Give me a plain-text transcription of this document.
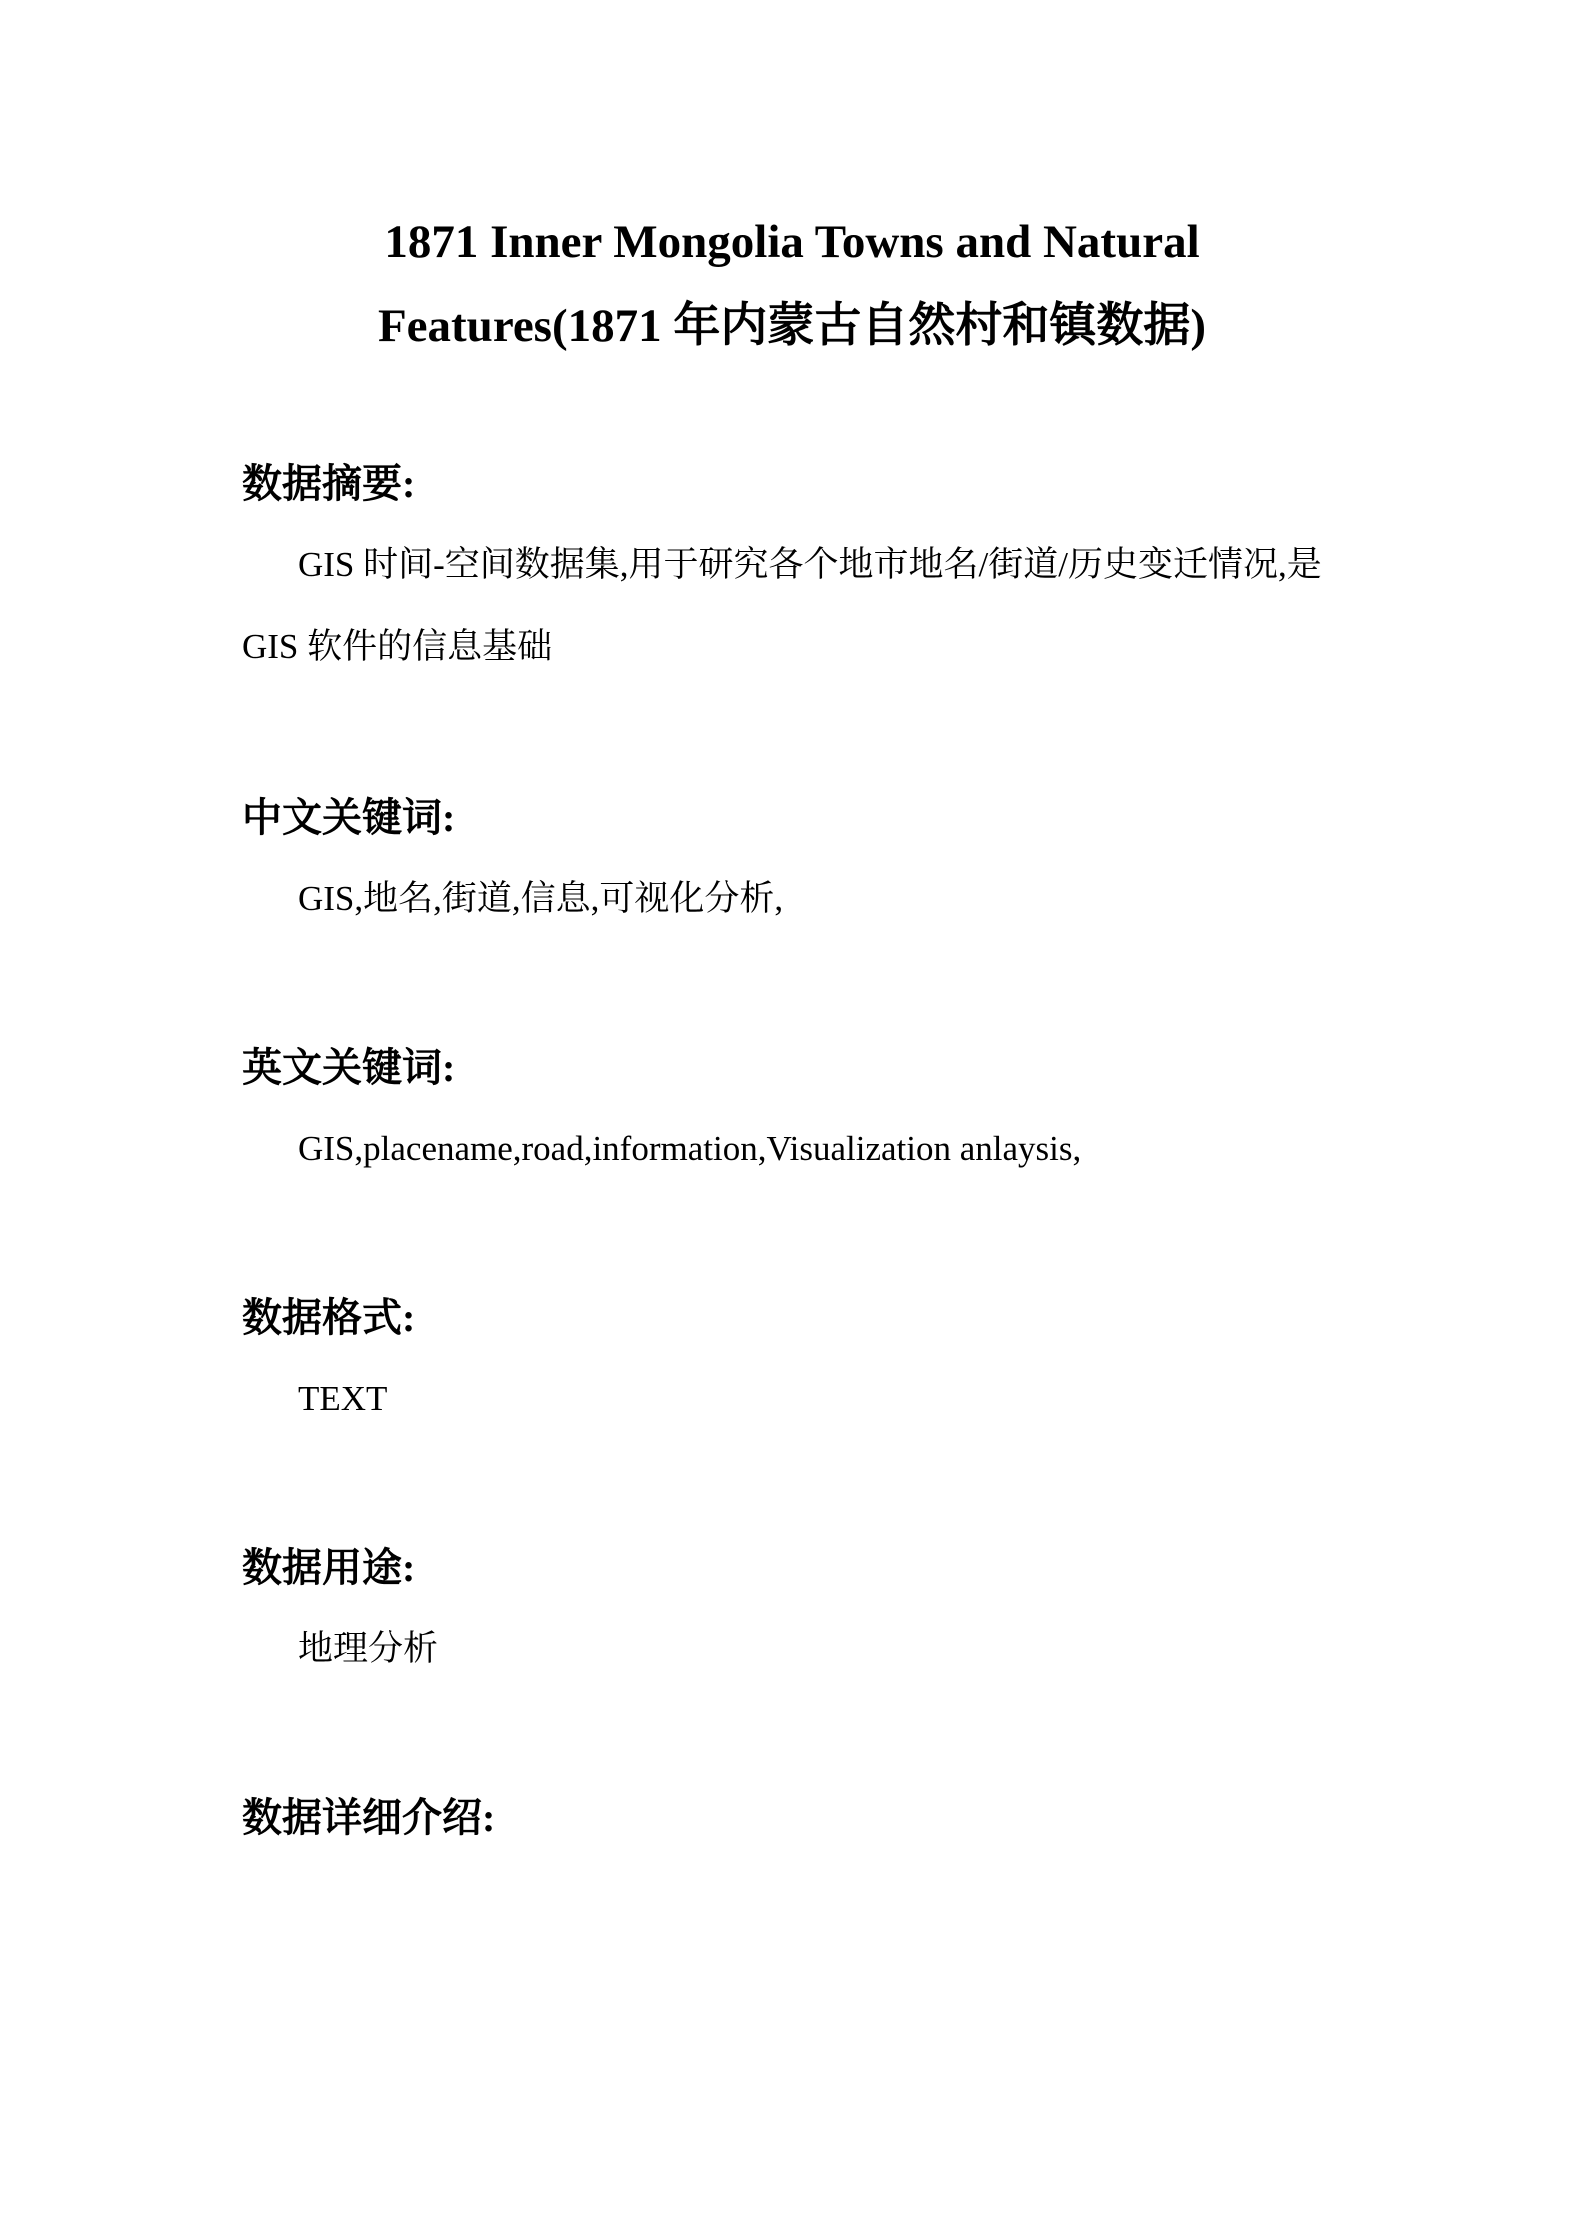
1871 Inner Mongolia Towns and Natural
Features(1871 年内蒙古自然村和镇数据)
数据摘要:

GIS 时间-空间数据集,用于研究各个地市地名/街道/历史变迁情况,是 GIS 软件的信息基础

中文关键词:

GIS,地名,街道,信息,可视化分析,

英文关键词:

GIS,placename,road,information,Visualization anlaysis,

数据格式:

TEXT

数据用途:

地理分析

数据详细介绍:
